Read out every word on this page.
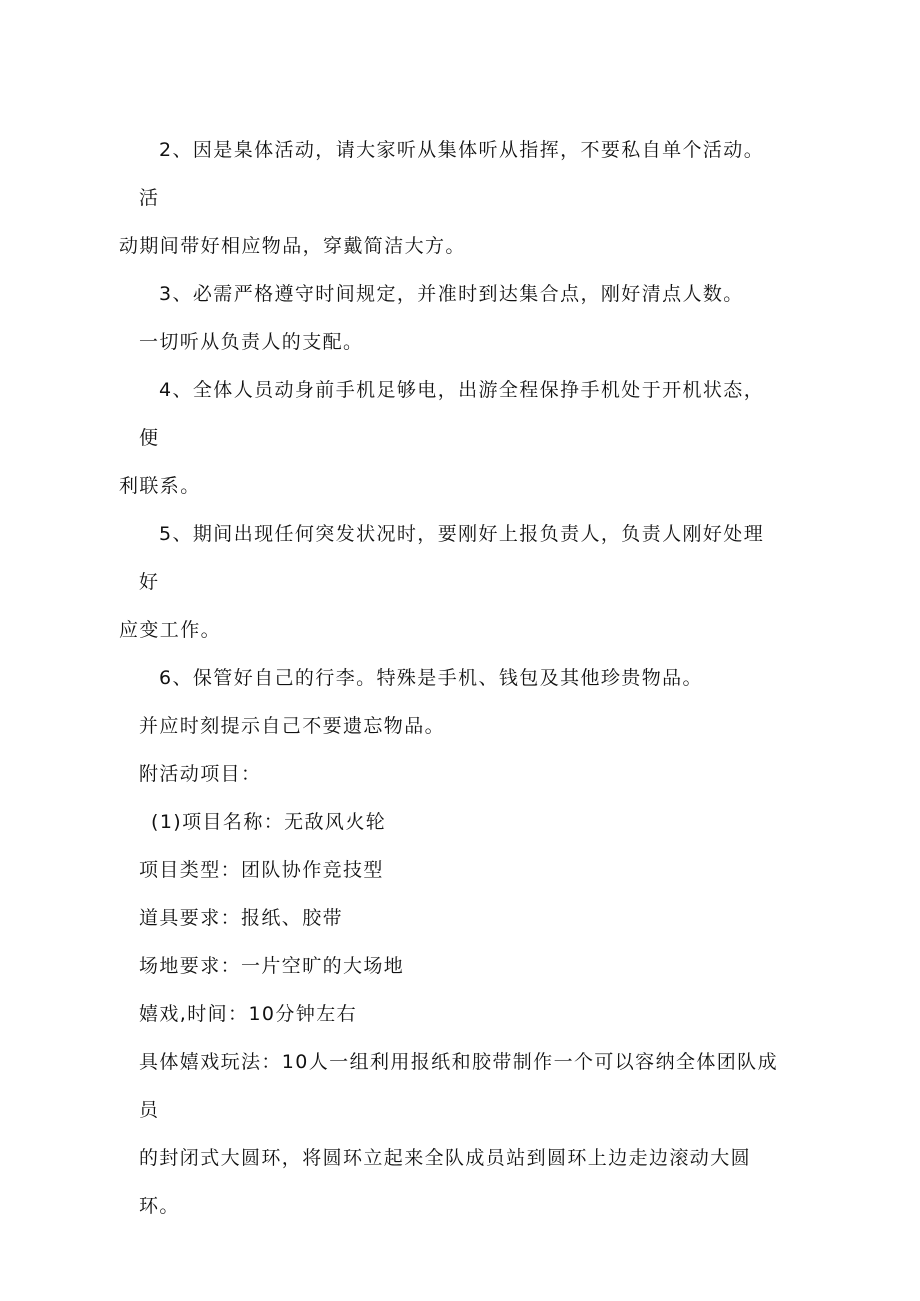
2、因是臬体活动，请大家听从集体听从指挥，不要私自单个活动。活
动期间带好相应物品，穿戴简洁大方。

3、必需严格遵守时间规定，并准时到达集合点，刚好清点人数。

一切听从负责人的支配。

4、全体人员动身前手机足够电，出游全程保挣手机处于开机状态，便
利联系。

5、期间出现任何突发状况时，要刚好上报负责人，负责人刚好处理好
应变工作。

6、保管好自己的行李。特殊是手机、钱包及其他珍贵物品。

并应时刻提示自己不要遗忘物品。

附活动项目：

(1)项目名称：无敌风火轮

项目类型：团队协作竞技型

道具要求：报纸、胶带

场地要求：一片空旷的大场地

嬉戏,时间：10分钟左右

具体嬉戏玩法：10人一组利用报纸和胶带制作一个可以容纳全体团队成员
的封闭式大圆环，将圆环立起来全队成员站到圆环上边走边滚动大圆环。
